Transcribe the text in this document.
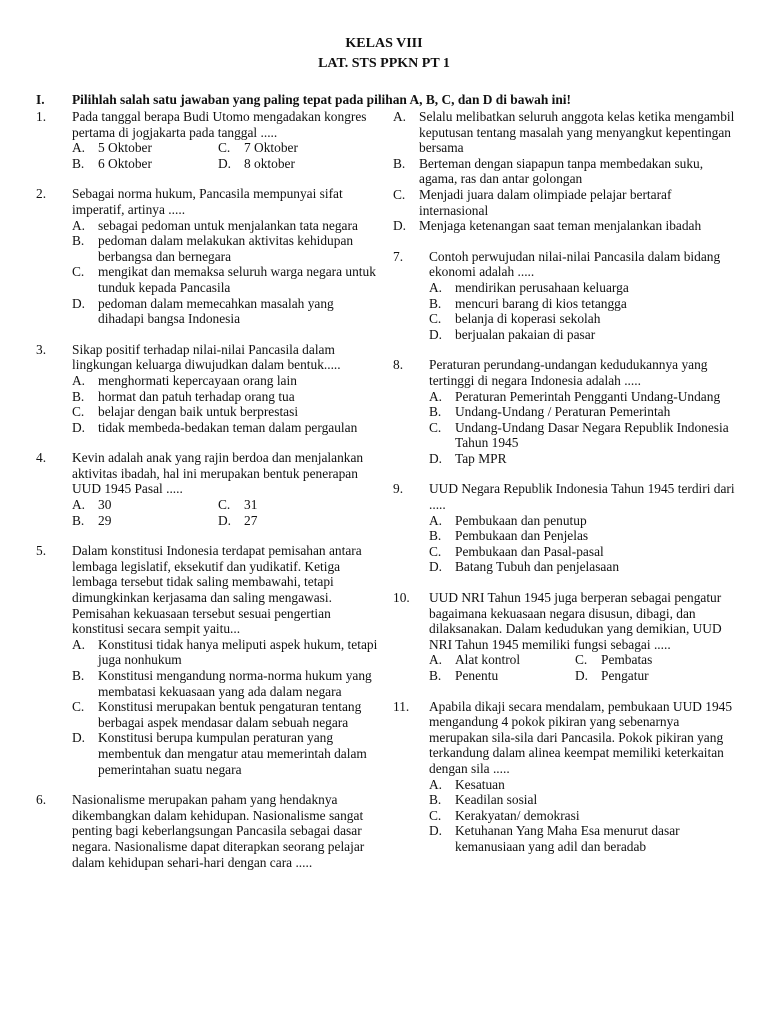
KELAS VIII
LAT. STS PPKN PT 1
I. Pilihlah salah satu jawaban yang paling tepat pada pilihan A, B, C, dan D di bawah ini!
1. Pada tanggal berapa Budi Utomo mengadakan kongres pertama di jogjakarta pada tanggal .....
A. 5 Oktober	C. 7 Oktober
B. 6 Oktober	D. 8 oktober
2. Sebagai norma hukum, Pancasila mempunyai sifat imperatif, artinya .....
A. sebagai pedoman untuk menjalankan tata negara
B. pedoman dalam melakukan aktivitas kehidupan berbangsa dan bernegara
C. mengikat dan memaksa seluruh warga negara untuk tunduk kepada Pancasila
D. pedoman dalam memecahkan masalah yang dihadapi bangsa Indonesia
3. Sikap positif terhadap nilai-nilai Pancasila dalam lingkungan keluarga diwujudkan dalam bentuk.....
A. menghormati kepercayaan orang lain
B. hormat dan patuh terhadap orang tua
C. belajar dengan baik untuk berprestasi
D. tidak membeda-bedakan teman dalam pergaulan
4. Kevin adalah anak yang rajin berdoa dan menjalankan aktivitas ibadah, hal ini merupakan bentuk penerapan UUD 1945 Pasal .....
A. 30	C. 31
B. 29	D. 27
5. Dalam konstitusi Indonesia terdapat pemisahan antara lembaga legislatif, eksekutif dan yudikatif. Ketiga lembaga tersebut tidak saling membawahi, tetapi dimungkinkan kerjasama dan saling mengawasi. Pemisahan kekuasaan tersebut sesuai pengertian konstitusi secara sempit yaitu...
A. Konstitusi tidak hanya meliputi aspek hukum, tetapi juga nonhukum
B. Konstitusi mengandung norma-norma hukum yang membatasi kekuasaan yang ada dalam negara
C. Konstitusi merupakan bentuk pengaturan tentang berbagai aspek mendasar dalam sebuah negara
D. Konstitusi berupa kumpulan peraturan yang membentuk dan mengatur atau memerintah dalam pemerintahan suatu negara
6. Nasionalisme merupakan paham yang hendaknya dikembangkan dalam kehidupan. Nasionalisme sangat penting bagi keberlangsungan Pancasila sebagai dasar negara. Nasionalisme dapat diterapkan seorang pelajar dalam kehidupan sehari-hari dengan cara .....
A. Selalu melibatkan seluruh anggota kelas ketika mengambil keputusan tentang masalah yang menyangkut kepentingan bersama
B. Berteman dengan siapapun tanpa membedakan suku, agama, ras dan antar golongan
C. Menjadi juara dalam olimpiade pelajar bertaraf internasional
D. Menjaga ketenangan saat teman menjalankan ibadah
7. Contoh perwujudan nilai-nilai Pancasila dalam bidang ekonomi adalah .....
A. mendirikan perusahaan keluarga
B. mencuri barang di kios tetangga
C. belanja di koperasi sekolah
D. berjualan pakaian di pasar
8. Peraturan perundang-undangan kedudukannya yang tertinggi di negara Indonesia adalah .....
A. Peraturan Pemerintah Pengganti Undang-Undang
B. Undang-Undang / Peraturan Pemerintah
C. Undang-Undang Dasar Negara Republik Indonesia Tahun 1945
D. Tap MPR
9. UUD Negara Republik Indonesia Tahun 1945 terdiri dari .....
A. Pembukaan dan penutup
B. Pembukaan dan Penjelas
C. Pembukaan dan Pasal-pasal
D. Batang Tubuh dan penjelasaan
10. UUD NRI Tahun 1945 juga berperan sebagai pengatur bagaimana kekuasaan negara disusun, dibagi, dan dilaksanakan. Dalam kedudukan yang demikian, UUD NRI Tahun 1945 memiliki fungsi sebagai .....
A. Alat kontrol	C. Pembatas
B. Penentu	D. Pengatur
11. Apabila dikaji secara mendalam, pembukaan UUD 1945 mengandung 4 pokok pikiran yang sebenarnya merupakan sila-sila dari Pancasila. Pokok pikiran yang terkandung dalam alinea keempat memiliki keterkaitan dengan sila .....
A. Kesatuan
B. Keadilan sosial
C. Kerakyatan/ demokrasi
D. Ketuhanan Yang Maha Esa menurut dasar kemanusiaan yang adil dan beradab
